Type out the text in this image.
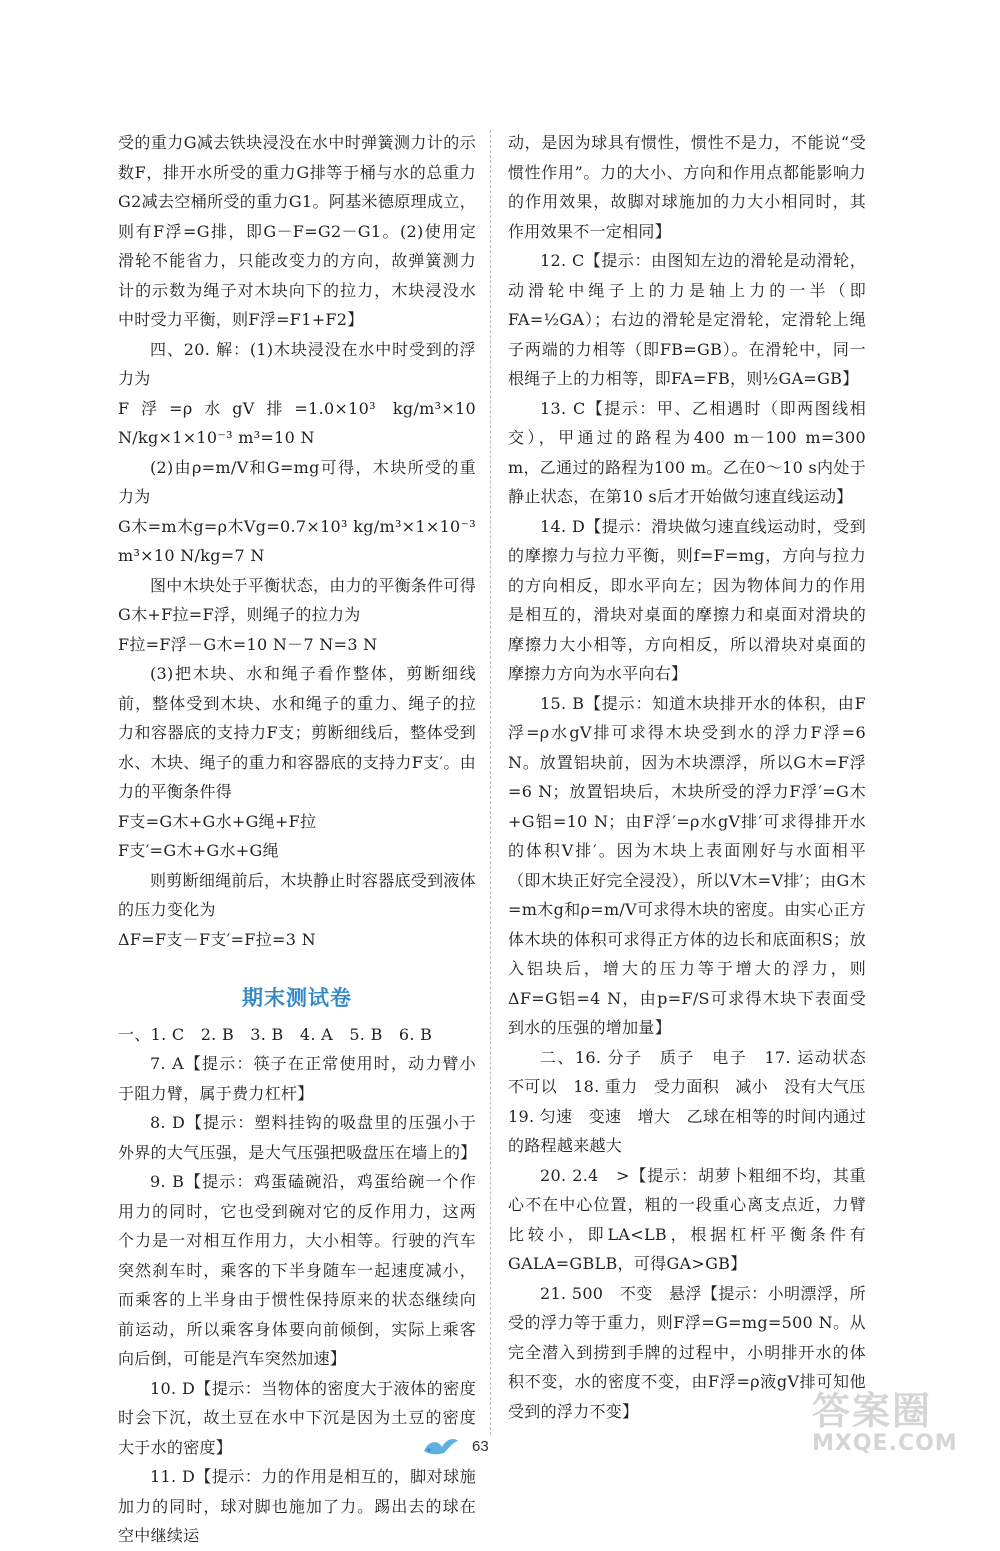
受的重力G减去铁块浸没在水中时弹簧测力计的示数F，排开水所受的重力G排等于桶与水的总重力G2减去空桶所受的重力G1。阿基米德原理成立，则有F浮=G排，即G－F=G2－G1。(2)使用定滑轮不能省力，只能改变力的方向，故弹簧测力计的示数为绳子对木块向下的拉力，木块浸没水中时受力平衡，则F浮=F1+F2】

四、20. 解：(1)木块浸没在水中时受到的浮力为

F浮=ρ水gV排=1.0×10³ kg/m³×10 N/kg×1×10⁻³ m³=10 N

(2)由ρ=m/V和G=mg可得，木块所受的重力为

G木=m木g=ρ木Vg=0.7×10³ kg/m³×1×10⁻³ m³×10 N/kg=7 N

图中木块处于平衡状态，由力的平衡条件可得G木+F拉=F浮，则绳子的拉力为

F拉=F浮－G木=10 N－7 N=3 N

(3)把木块、水和绳子看作整体，剪断细线前，整体受到木块、水和绳子的重力、绳子的拉力和容器底的支持力F支；剪断细线后，整体受到水、木块、绳子的重力和容器底的支持力F支′。由力的平衡条件得

F支=G木+G水+G绳+F拉

F支′=G木+G水+G绳

则剪断细绳前后，木块静止时容器底受到液体的压力变化为

ΔF=F支－F支′=F拉=3 N

期末测试卷

一、1. C　2. B　3. B　4. A　5. B　6. B

7. A【提示：筷子在正常使用时，动力臂小于阻力臂，属于费力杠杆】

8. D【提示：塑料挂钩的吸盘里的压强小于外界的大气压强，是大气压强把吸盘压在墙上的】

9. B【提示：鸡蛋磕碗沿，鸡蛋给碗一个作用力的同时，它也受到碗对它的反作用力，这两个力是一对相互作用力，大小相等。行驶的汽车突然刹车时，乘客的下半身随车一起速度减小，而乘客的上半身由于惯性保持原来的状态继续向前运动，所以乘客身体要向前倾倒，实际上乘客向后倒，可能是汽车突然加速】

10. D【提示：当物体的密度大于液体的密度时会下沉，故土豆在水中下沉是因为土豆的密度大于水的密度】

11. D【提示：力的作用是相互的，脚对球施加力的同时，球对脚也施加了力。踢出去的球在空中继续运

动，是因为球具有惯性，惯性不是力，不能说“受惯性作用”。力的大小、方向和作用点都能影响力的作用效果，故脚对球施加的力大小相同时，其作用效果不一定相同】

12. C【提示：由图知左边的滑轮是动滑轮，动滑轮中绳子上的力是轴上力的一半（即FA=½GA）；右边的滑轮是定滑轮，定滑轮上绳子两端的力相等（即FB=GB）。在滑轮中，同一根绳子上的力相等，即FA=FB，则½GA=GB】

13. C【提示：甲、乙相遇时（即两图线相交），甲通过的路程为400 m－100 m=300 m，乙通过的路程为100 m。乙在0～10 s内处于静止状态，在第10 s后才开始做匀速直线运动】

14. D【提示：滑块做匀速直线运动时，受到的摩擦力与拉力平衡，则f=F=mg，方向与拉力的方向相反，即水平向左；因为物体间力的作用是相互的，滑块对桌面的摩擦力和桌面对滑块的摩擦力大小相等，方向相反，所以滑块对桌面的摩擦力方向为水平向右】

15. B【提示：知道木块排开水的体积，由F浮=ρ水gV排可求得木块受到水的浮力F浮=6 N。放置铝块前，因为木块漂浮，所以G木=F浮=6 N；放置铝块后，木块所受的浮力F浮′=G木+G铝=10 N；由F浮′=ρ水gV排′可求得排开水的体积V排′。因为木块上表面刚好与水面相平（即木块正好完全浸没），所以V木=V排′；由G木=m木g和ρ=m/V可求得木块的密度。由实心正方体木块的体积可求得正方体的边长和底面积S；放入铝块后，增大的压力等于增大的浮力，则ΔF=G铝=4 N，由p=F/S可求得木块下表面受到水的压强的增加量】

二、16. 分子　质子　电子　17. 运动状态　不可以　18. 重力　受力面积　减小　没有大气压

19. 匀速　变速　增大　乙球在相等的时间内通过的路程越来越大

20. 2.4　>【提示：胡萝卜粗细不均，其重心不在中心位置，粗的一段重心离支点近，力臂比较小，即LA<LB，根据杠杆平衡条件有GALA=GBLB，可得GA>GB】

21. 500　不变　悬浮【提示：小明漂浮，所受的浮力等于重力，则F浮=G=mg=500 N。从完全潜入到捞到手牌的过程中，小明排开水的体积不变，水的密度不变，由F浮=ρ液gV排可知他受到的浮力不变】

63
答案圈
MXQE.COM
